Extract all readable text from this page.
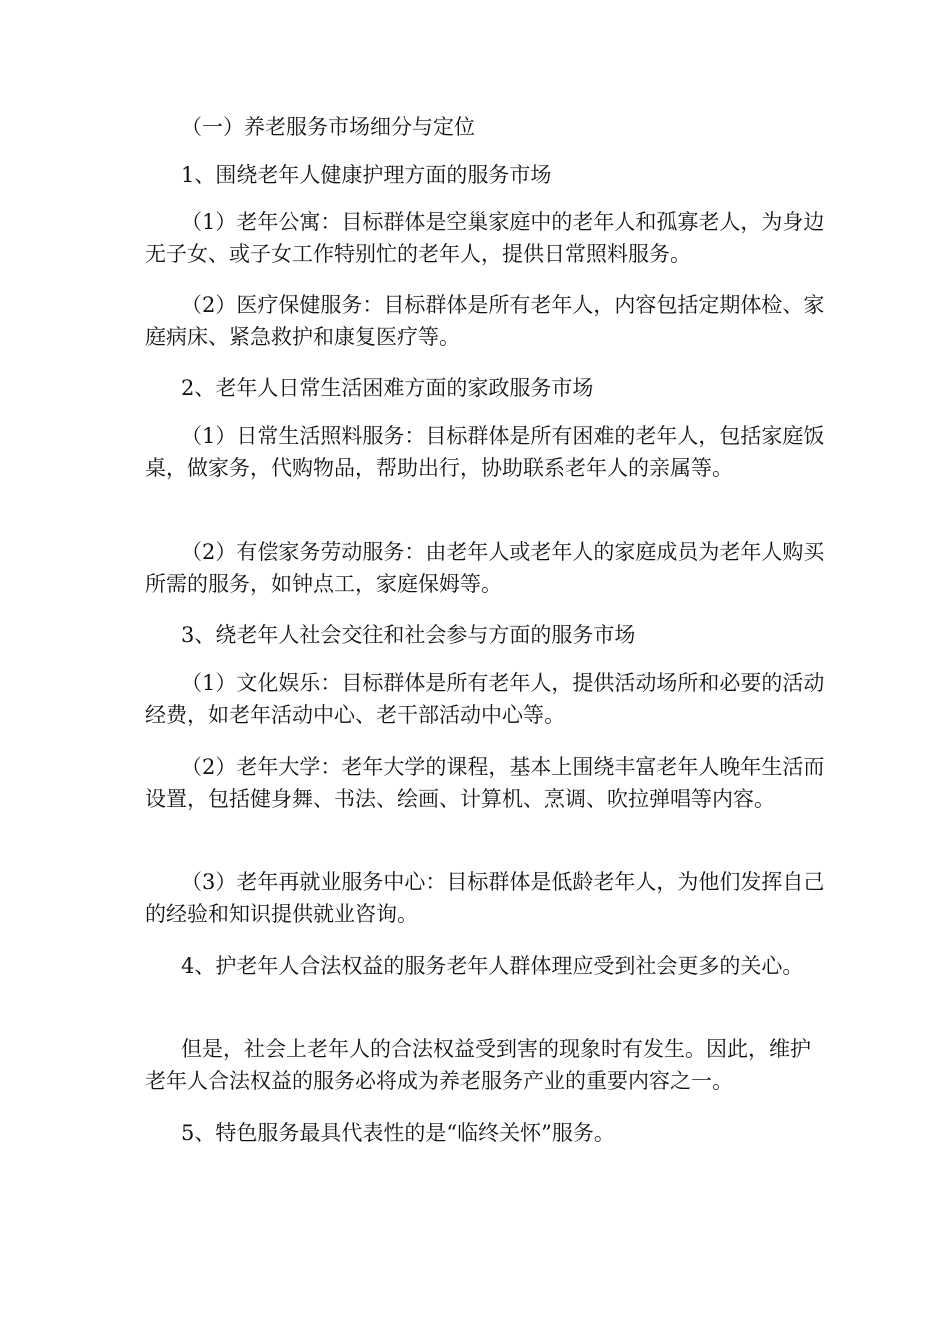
（一）养老服务市场细分与定位

1、围绕老年人健康护理方面的服务市场

（1）老年公寓：目标群体是空巢家庭中的老年人和孤寡老人，为身边无子女、或子女工作特别忙的老年人，提供日常照料服务。

（2）医疗保健服务：目标群体是所有老年人，内容包括定期体检、家庭病床、紧急救护和康复医疗等。

2、老年人日常生活困难方面的家政服务市场

（1）日常生活照料服务：目标群体是所有困难的老年人，包括家庭饭桌，做家务，代购物品，帮助出行，协助联系老年人的亲属等。

（2）有偿家务劳动服务：由老年人或老年人的家庭成员为老年人购买所需的服务，如钟点工，家庭保姆等。

3、绕老年人社会交往和社会参与方面的服务市场

（1）文化娱乐：目标群体是所有老年人，提供活动场所和必要的活动经费，如老年活动中心、老干部活动中心等。

（2）老年大学：老年大学的课程，基本上围绕丰富老年人晚年生活而设置，包括健身舞、书法、绘画、计算机、烹调、吹拉弹唱等内容。

（3）老年再就业服务中心：目标群体是低龄老年人，为他们发挥自己的经验和知识提供就业咨询。

4、护老年人合法权益的服务老年人群体理应受到社会更多的关心。

但是，社会上老年人的合法权益受到害的现象时有发生。因此，维护老年人合法权益的服务必将成为养老服务产业的重要内容之一。

5、特色服务最具代表性的是“临终关怀”服务。
